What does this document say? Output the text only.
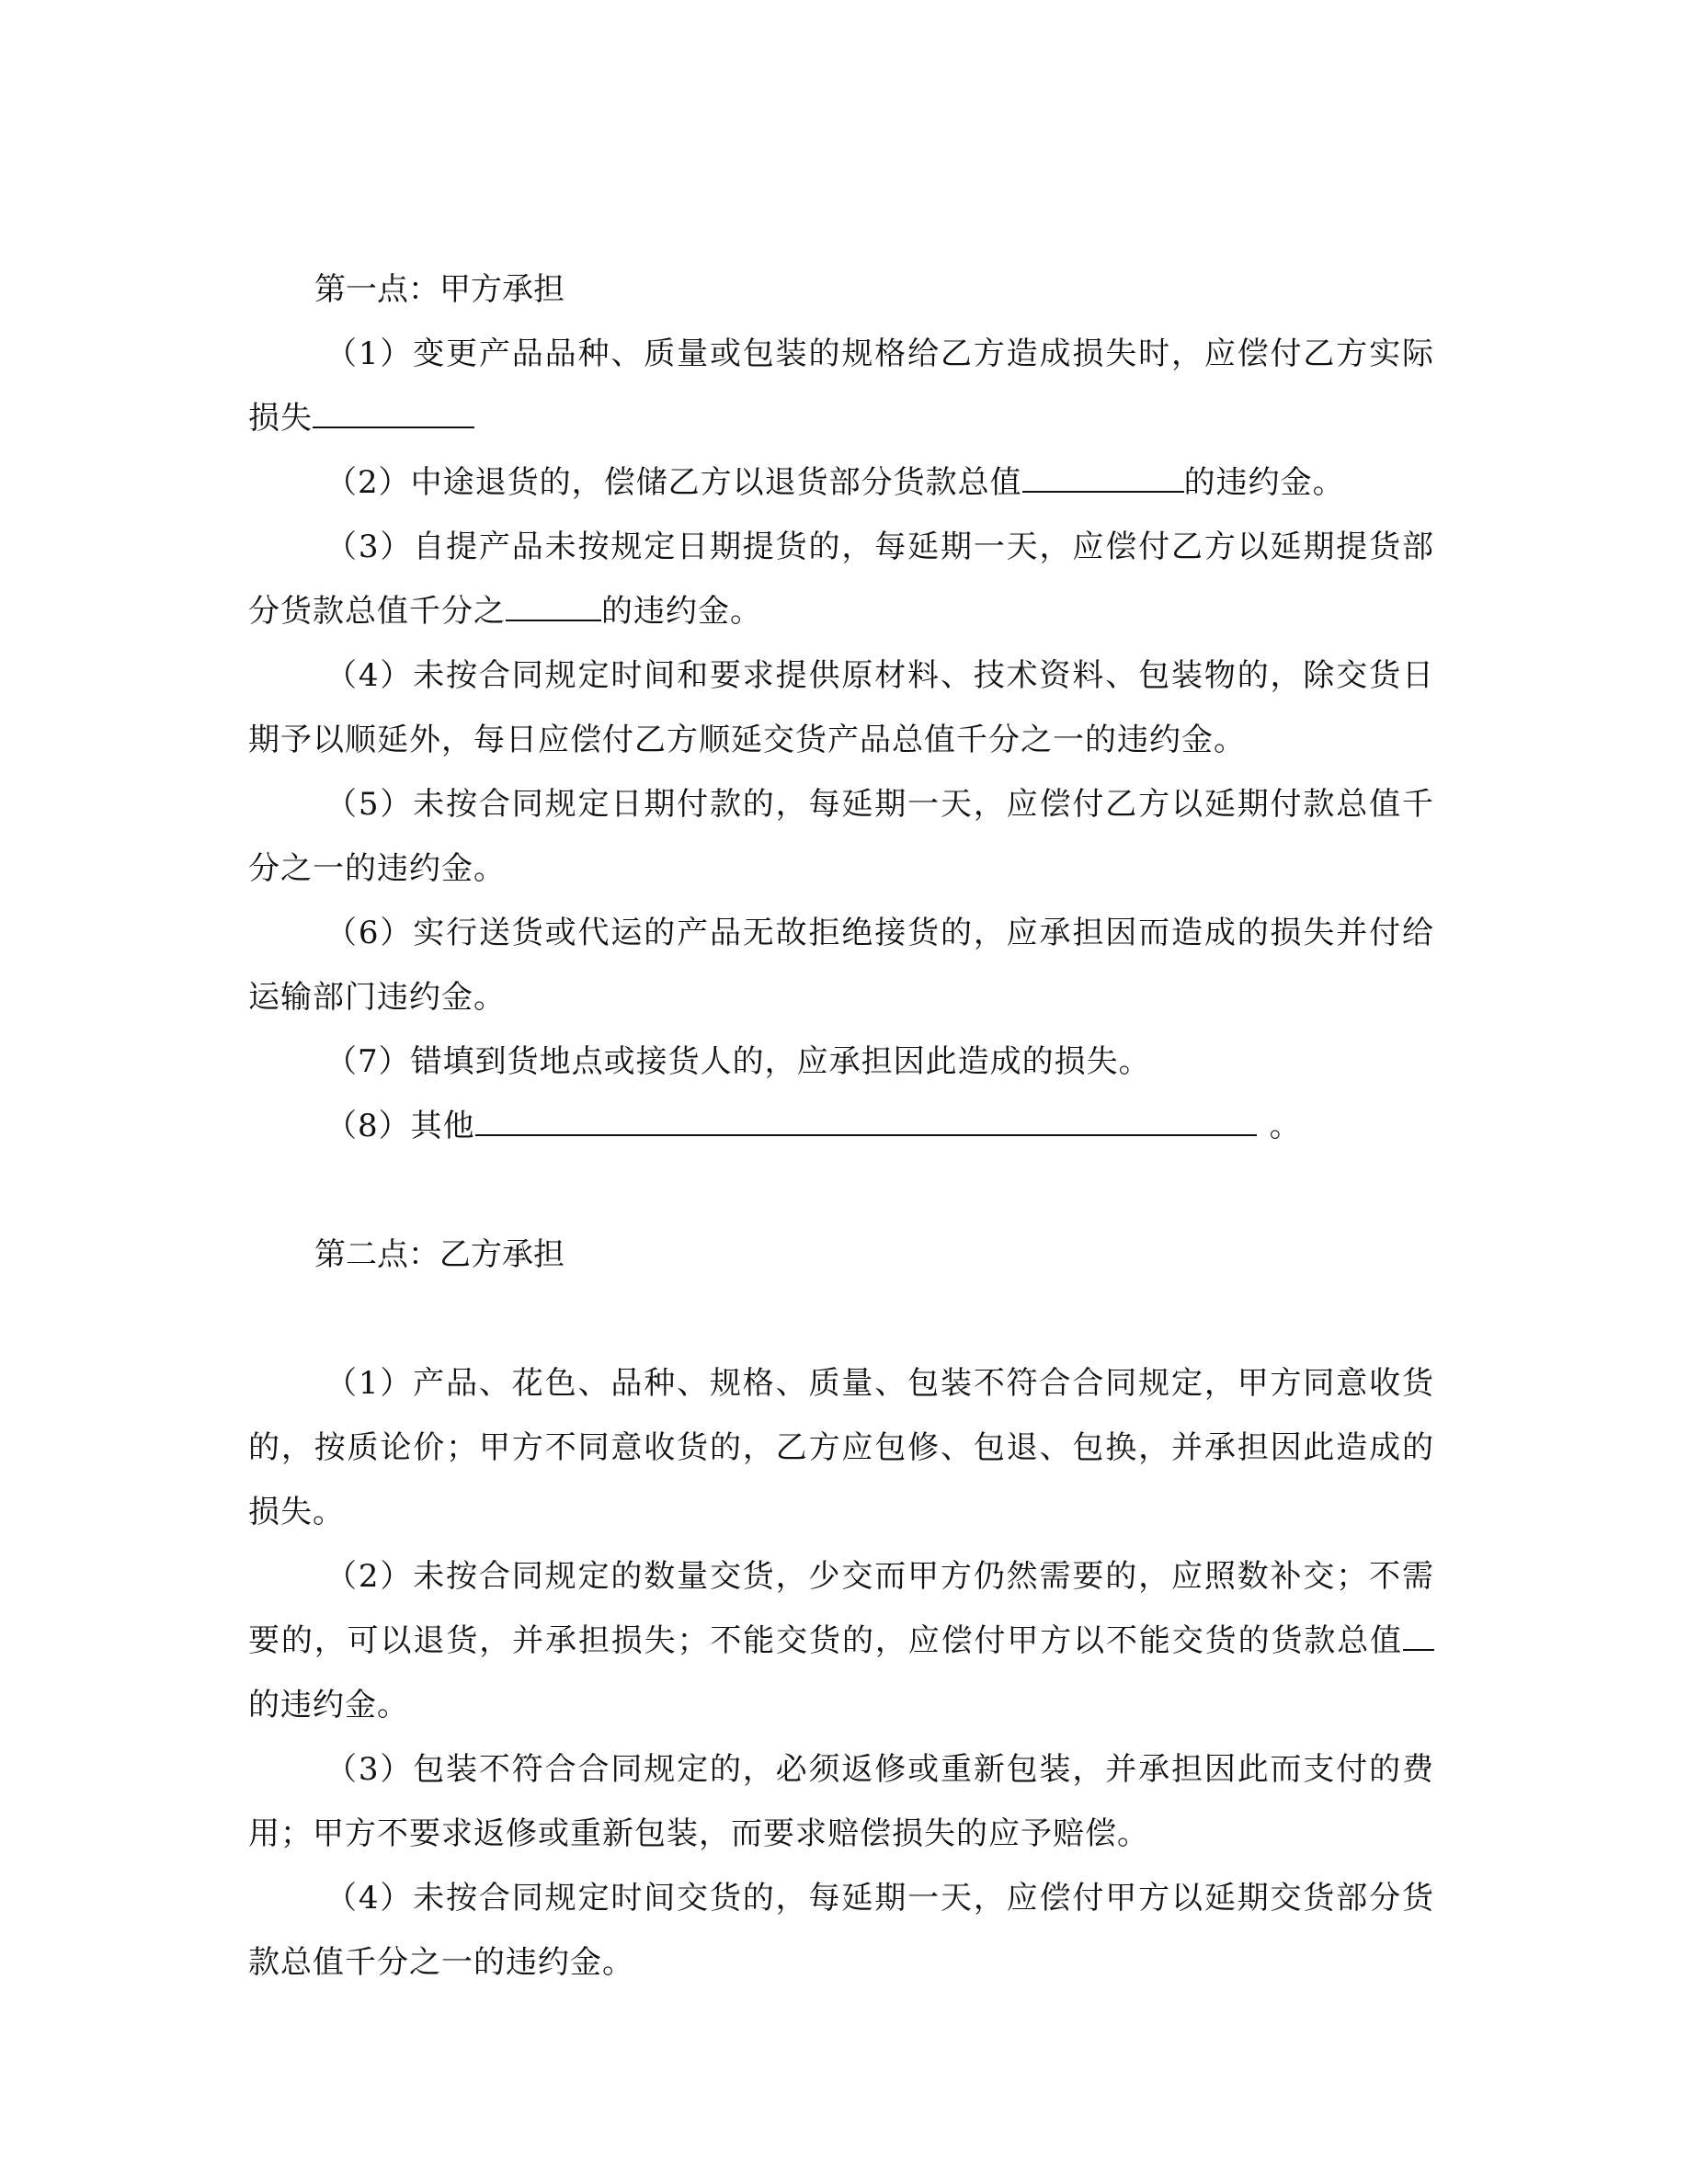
第一点：甲方承担

（1）变更产品品种、质量或包装的规格给乙方造成损失时，应偿付乙方实际损失

（2）中途退货的，偿储乙方以退货部分货款总值	的违约金。

（3）自提产品未按规定日期提货的，每延期一天，应偿付乙方以延期提货部分货款总值千分之	的违约金。

（4）未按合同规定时间和要求提供原材料、技术资料、包装物的，除交货日期予以顺延外，每日应偿付乙方顺延交货产品总值千分之一的违约金。

（5）未按合同规定日期付款的，每延期一天，应偿付乙方以延期付款总值千分之一的违约金。

（6）实行送货或代运的产品无故拒绝接货的，应承担因而造成的损失并付给运输部门违约金。

（7）错填到货地点或接货人的，应承担因此造成的损失。

（8）其他	。

第二点：乙方承担

（1）产品、花色、品种、规格、质量、包装不符合合同规定，甲方同意收货的，按质论价；甲方不同意收货的，乙方应包修、包退、包换，并承担因此造成的损失。

（2）未按合同规定的数量交货，少交而甲方仍然需要的，应照数补交；不需要的，可以退货，并承担损失；不能交货的，应偿付甲方以不能交货的货款总值的违约金。

（3）包装不符合合同规定的，必须返修或重新包装，并承担因此而支付的费用；甲方不要求返修或重新包装，而要求赔偿损失的应予赔偿。

（4）未按合同规定时间交货的，每延期一天，应偿付甲方以延期交货部分货款总值千分之一的违约金。
